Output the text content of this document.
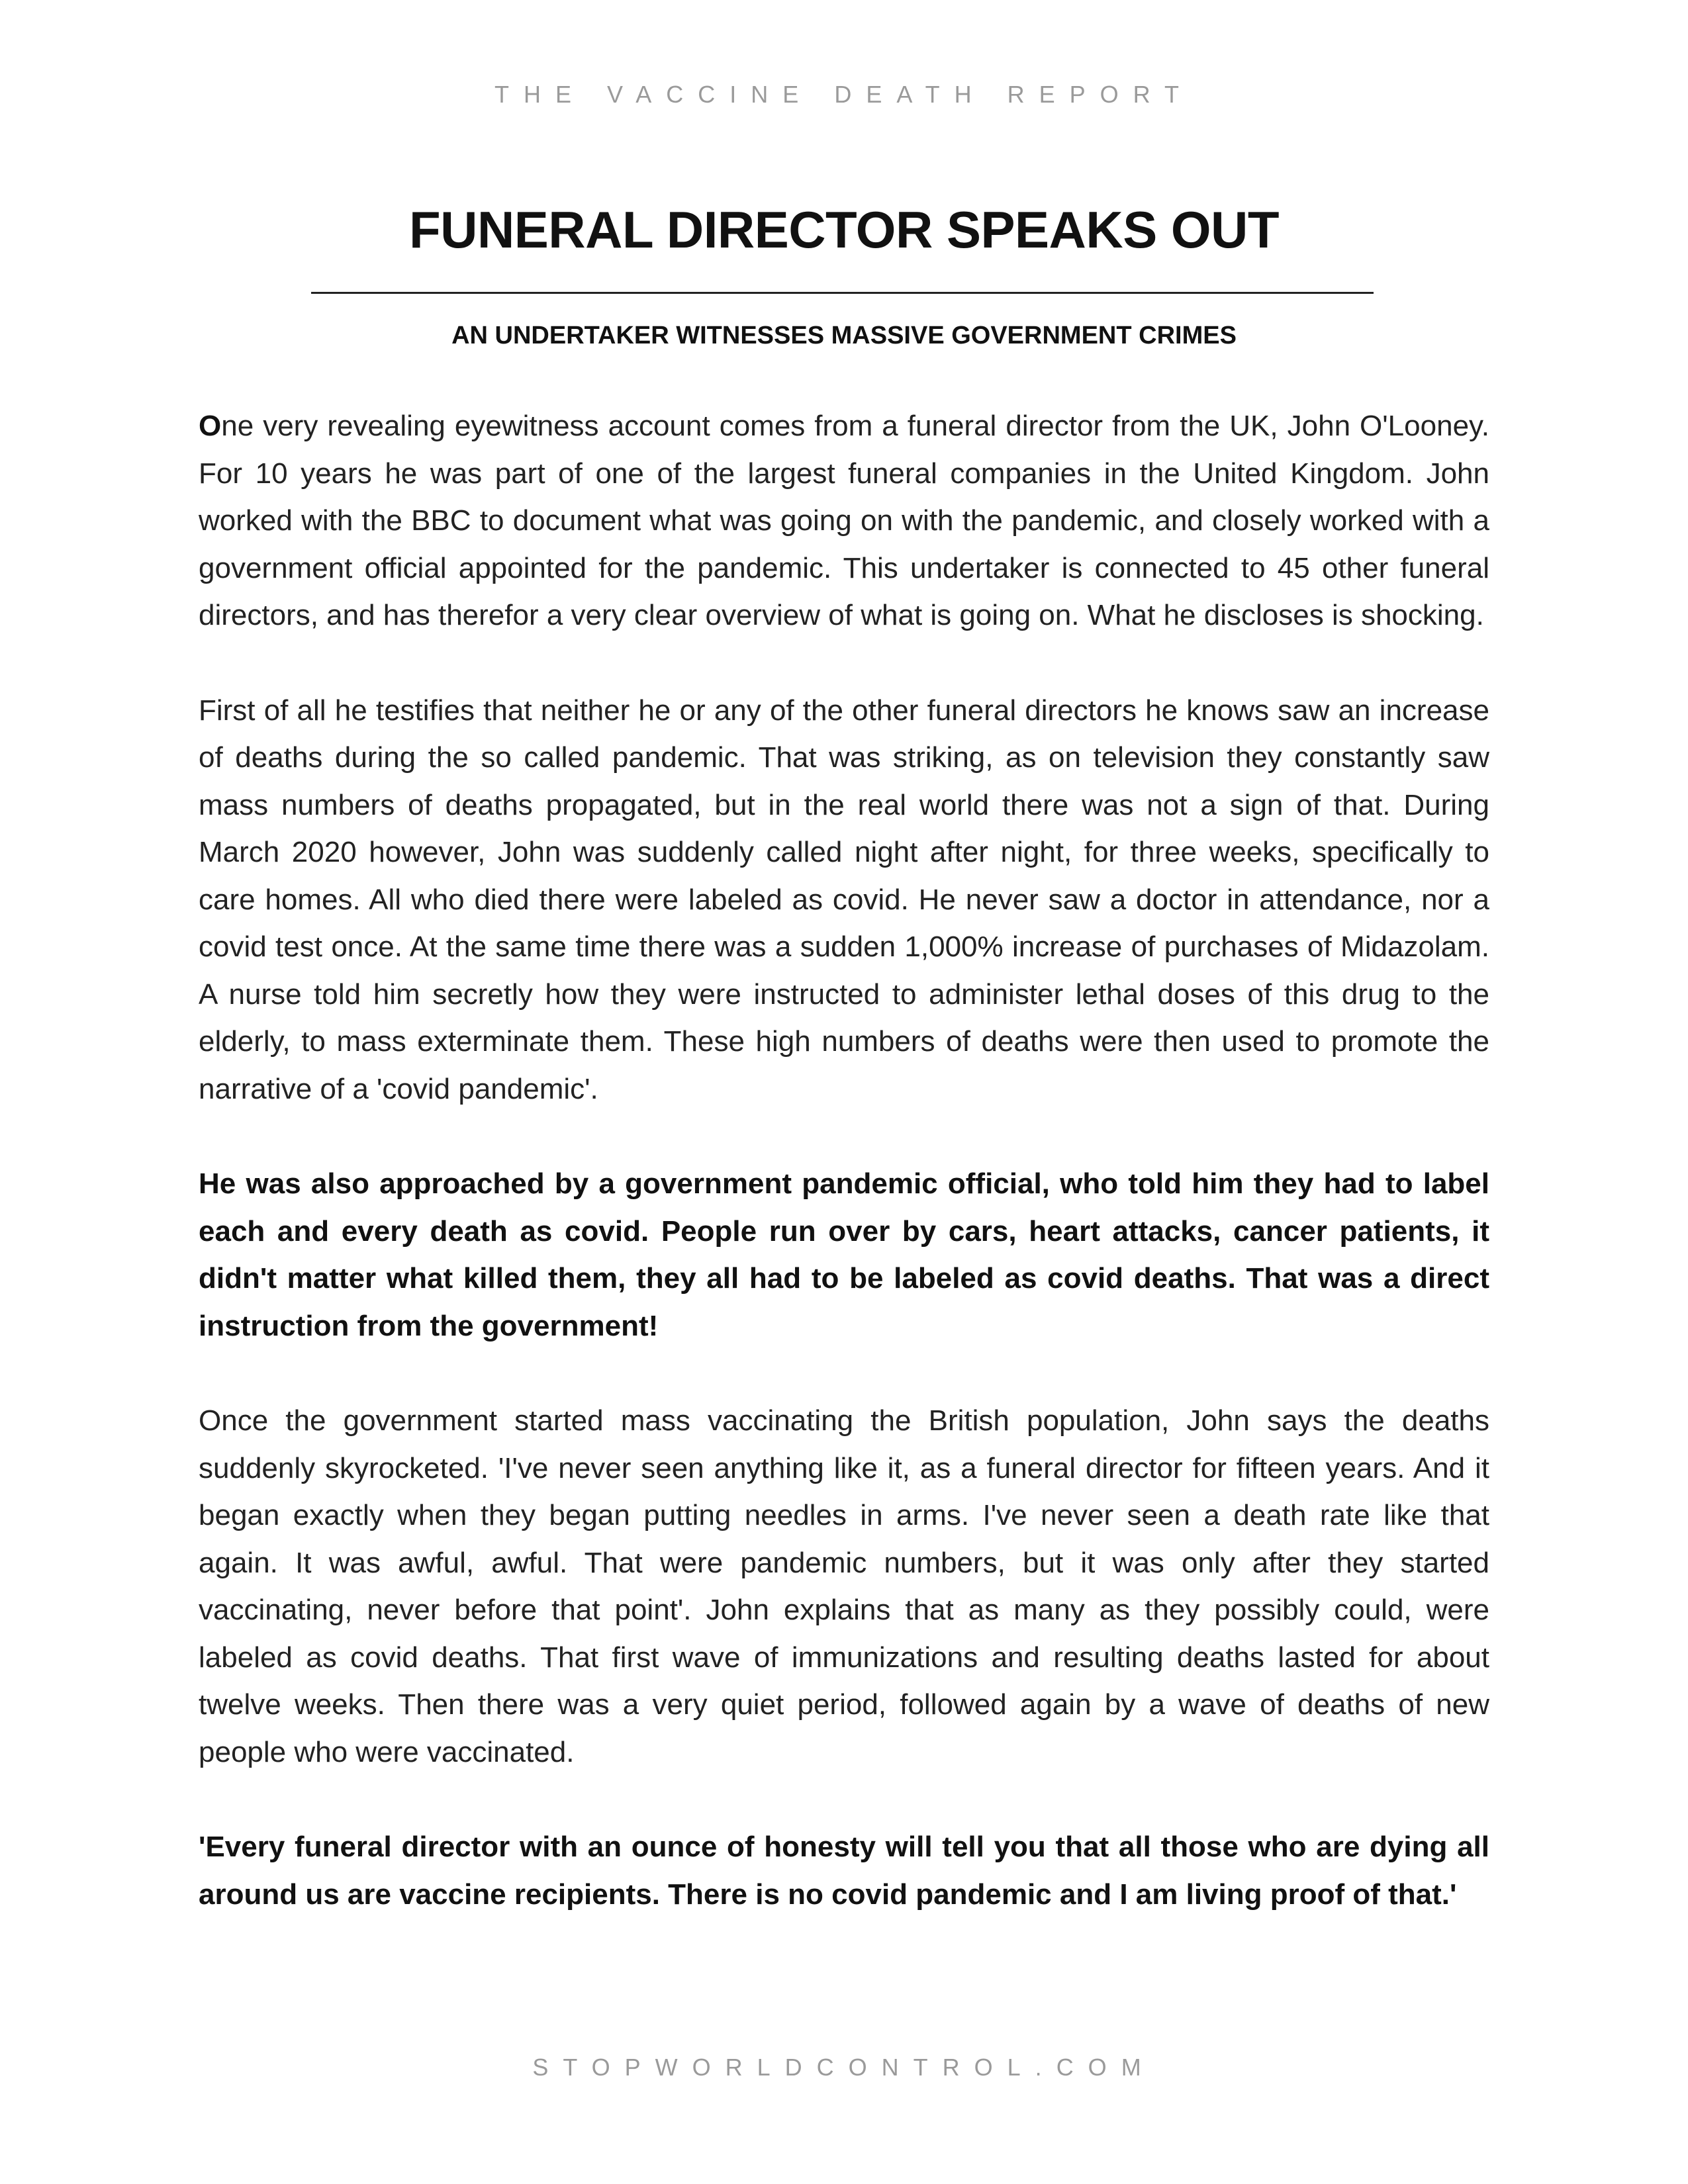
THE VACCINE DEATH REPORT
FUNERAL DIRECTOR SPEAKS OUT
AN UNDERTAKER WITNESSES MASSIVE GOVERNMENT CRIMES

One very revealing eyewitness account comes from a funeral director from the UK, John O'Looney. For 10 years he was part of one of the largest funeral companies in the United Kingdom. John worked with the BBC to document what was going on with the pandemic, and closely worked with a government official appointed for the pandemic. This undertaker is connected to 45 other funeral directors, and has therefor a very clear overview of what is going on. What he discloses is shocking.

First of all he testifies that neither he or any of the other funeral directors he knows saw an increase of deaths during the so called pandemic. That was striking, as on television they constantly saw mass numbers of deaths propagated, but in the real world there was not a sign of that. During March 2020 however, John was suddenly called night after night, for three weeks, specifically to care homes. All who died there were labeled as covid. He never saw a doctor in attendance, nor a covid test once. At the same time there was a sudden 1,000% increase of purchases of Midazolam. A nurse told him secretly how they were instructed to administer lethal doses of this drug to the elderly, to mass exterminate them. These high numbers of deaths were then used to promote the narrative of a 'covid pandemic'.

He was also approached by a government pandemic official, who told him they had to label each and every death as covid. People run over by cars, heart attacks, cancer patients, it didn't matter what killed them, they all had to be labeled as covid deaths. That was a direct instruction from the government!

Once the government started mass vaccinating the British population, John says the deaths suddenly skyrocketed. 'I've never seen anything like it, as a funeral director for fifteen years. And it began exactly when they began putting needles in arms. I've never seen a death rate like that again. It was awful, awful. That were pandemic numbers, but it was only after they started vaccinating, never before that point'. John explains that as many as they possibly could, were labeled as covid deaths. That first wave of immunizations and resulting deaths lasted for about twelve weeks. Then there was a very quiet period, followed again by a wave of deaths of new people who were vaccinated.

'Every funeral director with an ounce of honesty will tell you that all those who are dying all around us are vaccine recipients. There is no covid pandemic and I am living proof of that.'

STOPWORLDCONTROL.COM
